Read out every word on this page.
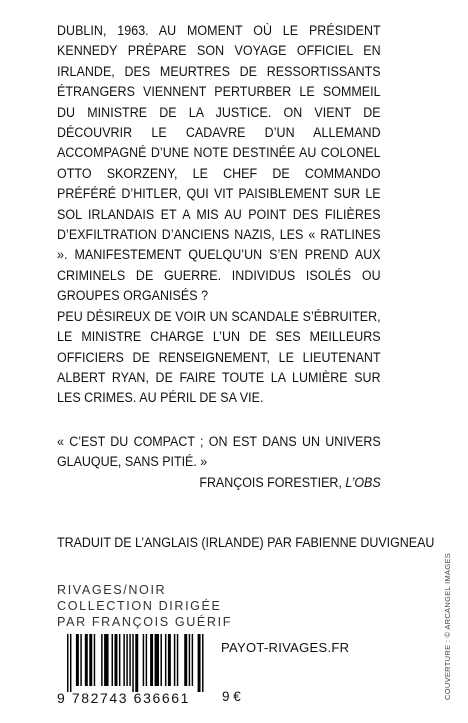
DUBLIN, 1963. AU MOMENT OÙ LE PRÉSIDENT KENNEDY PRÉPARE SON VOYAGE OFFICIEL EN IRLANDE, DES MEURTRES DE RESSORTISSANTS ÉTRANGERS VIENNENT PERTURBER LE SOMMEIL DU MINISTRE DE LA JUSTICE. ON VIENT DE DÉCOUVRIR LE CADAVRE D’UN ALLEMAND ACCOMPAGNÉ D’UNE NOTE DESTINÉE AU COLONEL OTTO SKORZENY, LE CHEF DE COMMANDO PRÉFÉRÉ D’HITLER, QUI VIT PAISIBLEMENT SUR LE SOL IRLANDAIS ET A MIS AU POINT DES FILIÈRES D’EXFILTRATION D’ANCIENS NAZIS, LES « RATLINES ». MANIFESTEMENT QUELQU’UN S’EN PREND AUX CRIMINELS DE GUERRE. INDIVIDUS ISOLÉS OU GROUPES ORGANISÉS ?

PEU DÉSIREUX DE VOIR UN SCANDALE S’ÉBRUITER, LE MINISTRE CHARGE L’UN DE SES MEILLEURS OFFICIERS DE RENSEIGNEMENT, LE LIEUTENANT ALBERT RYAN, DE FAIRE TOUTE LA LUMIÈRE SUR LES CRIMES. AU PÉRIL DE SA VIE.

« C’EST DU COMPACT ; ON EST DANS UN UNIVERS GLAUQUE, SANS PITIÉ. »
FRANÇOIS FORESTIER, L’OBS
TRADUIT DE L’ANGLAIS (IRLANDE) PAR FABIENNE DUVIGNEAU
RIVAGES/NOIR
COLLECTION DIRIGÉE
PAR FRANÇOIS GUÉRIF
9 782743 636661
PAYOT-RIVAGES.FR
9 €	COUVERTURE : © ARCANGEL IMAGES
